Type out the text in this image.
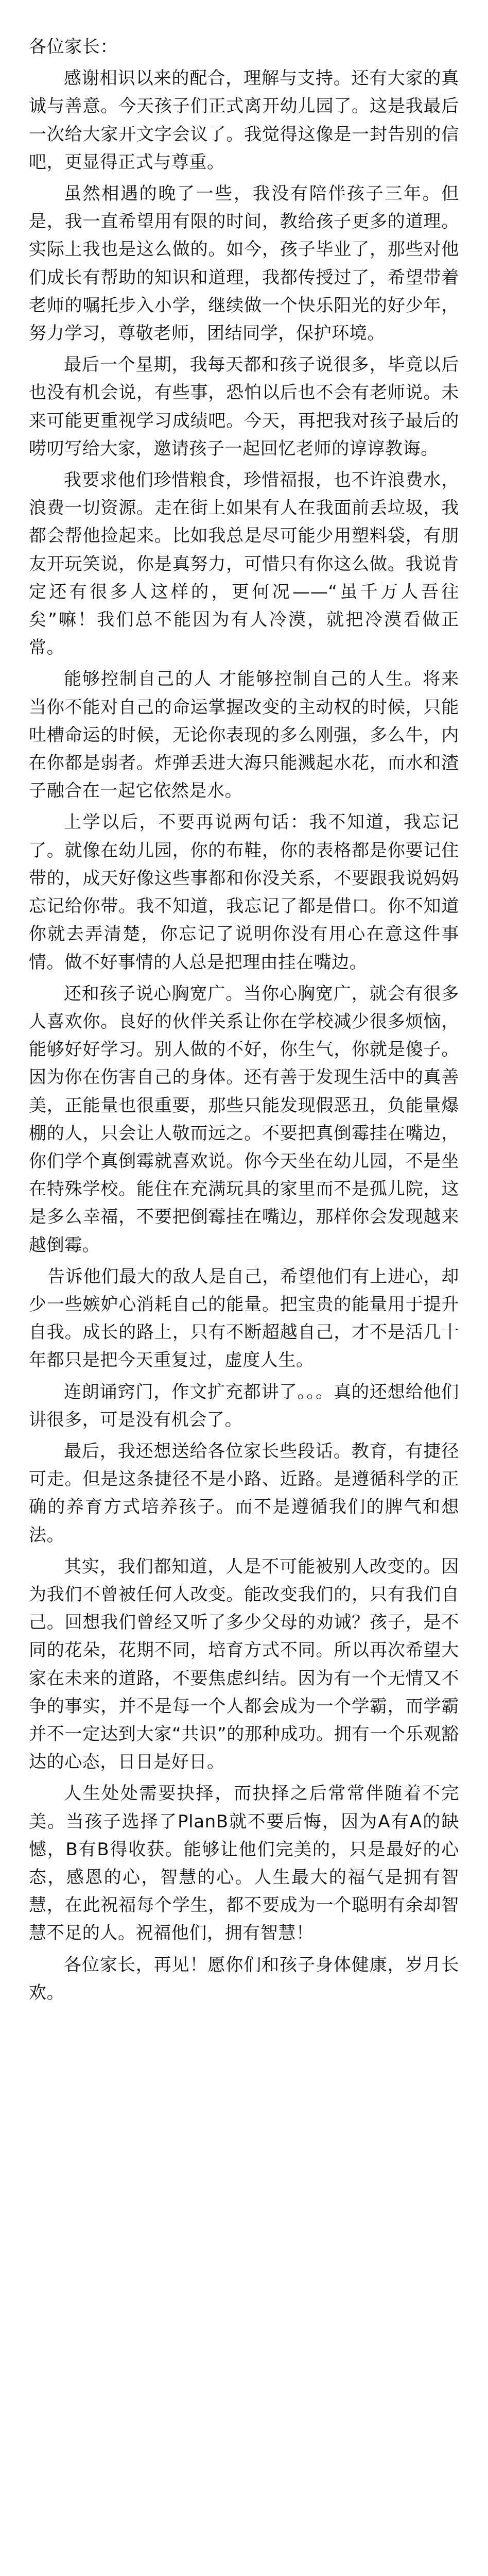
各位家长：

感谢相识以来的配合，理解与支持。还有大家的真诚与善意。今天孩子们正式离开幼儿园了。这是我最后一次给大家开文字会议了。我觉得这像是一封告别的信吧，更显得正式与尊重。

虽然相遇的晚了一些，我没有陪伴孩子三年。但是，我一直希望用有限的时间，教给孩子更多的道理。实际上我也是这么做的。如今，孩子毕业了，那些对他们成长有帮助的知识和道理，我都传授过了，希望带着老师的嘱托步入小学，继续做一个快乐阳光的好少年，努力学习，尊敬老师，团结同学，保护环境。

最后一个星期，我每天都和孩子说很多，毕竟以后也没有机会说，有些事，恐怕以后也不会有老师说。未来可能更重视学习成绩吧。今天，再把我对孩子最后的唠叨写给大家，邀请孩子一起回忆老师的谆谆教诲。

我要求他们珍惜粮食，珍惜福报，也不许浪费水，浪费一切资源。走在街上如果有人在我面前丢垃圾，我都会帮他捡起来。比如我总是尽可能少用塑料袋，有朋友开玩笑说，你是真努力，可惜只有你这么做。我说肯定还有很多人这样的，更何况——“虽千万人吾往矣”嘛！我们总不能因为有人冷漠，就把冷漠看做正常。

能够控制自己的人 才能够控制自己的人生。将来当你不能对自己的命运掌握改变的主动权的时候，只能吐槽命运的时候，无论你表现的多么刚强，多么牛，内在你都是弱者。炸弹丢进大海只能溅起水花，而水和渣子融合在一起它依然是水。

上学以后，不要再说两句话：我不知道，我忘记了。就像在幼儿园，你的布鞋，你的表格都是你要记住带的，成天好像这些事都和你没关系，不要跟我说妈妈忘记给你带。我不知道，我忘记了都是借口。你不知道你就去弄清楚，你忘记了说明你没有用心在意这件事情。做不好事情的人总是把理由挂在嘴边。

还和孩子说心胸宽广。当你心胸宽广，就会有很多人喜欢你。良好的伙伴关系让你在学校减少很多烦恼，能够好好学习。别人做的不好，你生气，你就是傻子。因为你在伤害自己的身体。还有善于发现生活中的真善美，正能量也很重要，那些只能发现假恶丑，负能量爆棚的人，只会让人敬而远之。不要把真倒霉挂在嘴边，你们学个真倒霉就喜欢说。你今天坐在幼儿园，不是坐在特殊学校。能住在充满玩具的家里而不是孤儿院，这是多么幸福，不要把倒霉挂在嘴边，那样你会发现越来越倒霉。

告诉他们最大的敌人是自己，希望他们有上进心，却少一些嫉妒心消耗自己的能量。把宝贵的能量用于提升自我。成长的路上，只有不断超越自己，才不是活几十年都只是把今天重复过，虚度人生。

连朗诵窍门，作文扩充都讲了。。。真的还想给他们讲很多，可是没有机会了。

最后，我还想送给各位家长些段话。教育，有捷径可走。但是这条捷径不是小路、近路。是遵循科学的正确的养育方式培养孩子。而不是遵循我们的脾气和想法。

其实，我们都知道，人是不可能被别人改变的。因为我们不曾被任何人改变。能改变我们的，只有我们自己。回想我们曾经又听了多少父母的劝诫？孩子，是不同的花朵，花期不同，培育方式不同。所以再次希望大家在未来的道路，不要焦虑纠结。因为有一个无情又不争的事实，并不是每一个人都会成为一个学霸，而学霸并不一定达到大家“共识”的那种成功。拥有一个乐观豁达的心态，日日是好日。

人生处处需要抉择，而抉择之后常常伴随着不完美。当孩子选择了PlanB就不要后悔，因为A有A的缺憾，B有B得收获。能够让他们完美的，只是最好的心态，感恩的心，智慧的心。人生最大的福气是拥有智慧，在此祝福每个学生，都不要成为一个聪明有余却智慧不足的人。祝福他们，拥有智慧！

各位家长，再见！愿你们和孩子身体健康，岁月长欢。
